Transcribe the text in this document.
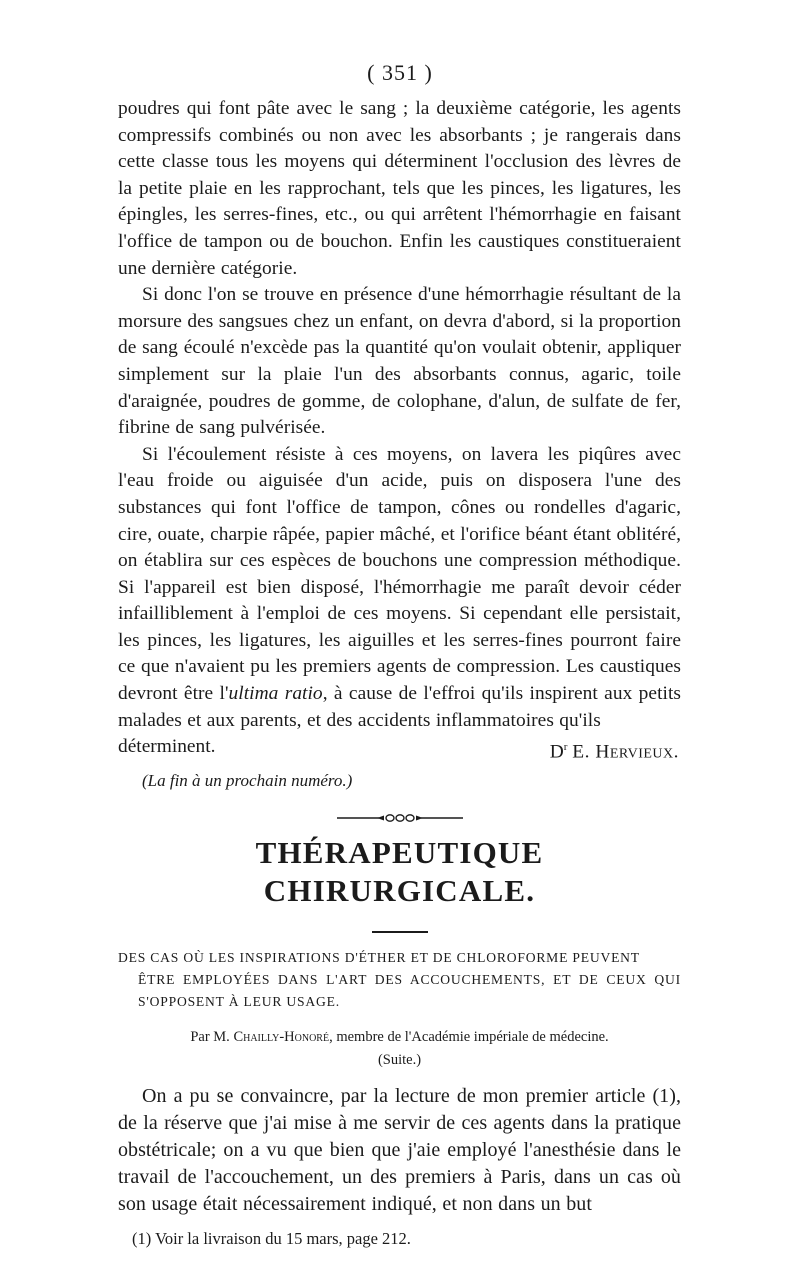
( 351 )

poudres qui font pâte avec le sang ; la deuxième catégorie, les agents compressifs combinés ou non avec les absorbants ; je rangerais dans cette classe tous les moyens qui déterminent l'occlusion des lèvres de la petite plaie en les rapprochant, tels que les pinces, les ligatures, les épingles, les serres-fines, etc., ou qui arrêtent l'hémorrhagie en faisant l'office de tampon ou de bouchon. Enfin les caustiques constitueraient une dernière catégorie.

Si donc l'on se trouve en présence d'une hémorrhagie résultant de la morsure des sangsues chez un enfant, on devra d'abord, si la proportion de sang écoulé n'excède pas la quantité qu'on voulait obtenir, appliquer simplement sur la plaie l'un des absorbants connus, agaric, toile d'araignée, poudres de gomme, de colophane, d'alun, de sulfate de fer, fibrine de sang pulvérisée.

Si l'écoulement résiste à ces moyens, on lavera les piqûres avec l'eau froide ou aiguisée d'un acide, puis on disposera l'une des substances qui font l'office de tampon, cônes ou rondelles d'agaric, cire, ouate, charpie râpée, papier mâché, et l'orifice béant étant oblitéré, on établira sur ces espèces de bouchons une compression méthodique. Si l'appareil est bien disposé, l'hémorrhagie me paraît devoir céder infailliblement à l'emploi de ces moyens. Si cependant elle persistait, les pinces, les ligatures, les aiguilles et les serres-fines pourront faire ce que n'avaient pu les premiers agents de compression. Les caustiques devront être l'ultima ratio, à cause de l'effroi qu'ils inspirent aux petits malades et aux parents, et des accidents inflammatoires qu'ils

déterminent.	$D^r$ E. Hervieux.
(La fin à un prochain numéro.)
THÉRAPEUTIQUE CHIRURGICALE.
DES CAS OÙ LES INSPIRATIONS D'ÉTHER ET DE CHLOROFORME PEUVENT
ÊTRE EMPLOYÉES DANS L'ART DES ACCOUCHEMENTS, ET DE CEUX QUI S'OPPOSENT À LEUR USAGE.
Par M. Chailly-Honoré, membre de l'Académie impériale de médecine.
(Suite.)

On a pu se convaincre, par la lecture de mon premier article (1), de la réserve que j'ai mise à me servir de ces agents dans la pratique obstétricale; on a vu que bien que j'aie employé l'anesthésie dans le travail de l'accouchement, un des premiers à Paris, dans un cas où son usage était nécessairement indiqué, et non dans un but

(1) Voir la livraison du 15 mars, page 212.
